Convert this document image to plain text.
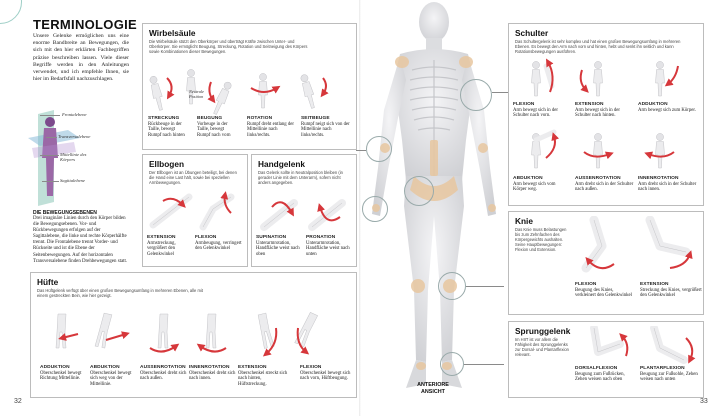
32
TERMINOLOGIE
Unsere Gelenke ermöglichen uns eine enorme Bandbreite an Bewegungen, die sich mit den hier erklärten Fachbegriffen präzise beschreiben lassen. Viele dieser Begriffe werden in den Anleitungen verwendet, und ich empfehle Ihnen, sie hier im Bedarfsfall nachzuschlagen.
Frontalebene
Transversalebene
Mittellinie des Körpers
Sagittalebene
DIE BEWEGUNGSEBENEN
Drei imaginäre Linien durch den Körper bilden die Bewegungsebenen. Vor- und Rückbewegungen erfolgen auf der Sagittalebene, die linke und rechte Körperhälfte trennt. Die Frontalebene trennt Vorder- und Rückseite und ist die Ebene der Seitenbewegungen. Auf der horizontalen Transversalebene finden Drehbewegungen statt.
Wirbelsäule
Die Wirbelsäule stützt den Oberkörper und überträgt Kräfte zwischen Unter- und Oberkörper. Sie ermöglicht Beugung, Streckung, Rotation und Seitneigung des Körpers sowie Kombinationen dieser Bewegungen.
Neutrale Position
STRECKUNG
Rückbeuge in der Taille, bewegt Rumpf nach hinten
BEUGUNG
Vorbeuge in der Taille, bewegt Rumpf nach vorn
ROTATION
Rumpf dreht entlang der Mittellinie nach links/rechts.
SEITBEUGE
Rumpf neigt sich von der Mittellinie nach links/rechts.
Ellbogen
Der Ellbogen ist an Übungen beteiligt, bei denen die Hand eine Last hält, sowie bei speziellen Armbewegungen.
EXTENSION
Armstreckung, vergrößert den Gelenkwinkel
FLEXION
Armbeugung, verringert den Gelenkwinkel
Handgelenk
Das Gelenk sollte in Neutralposition bleiben (in gerader Linie mit dem Unterarm), sofern nicht anders angegeben.
SUPINATION
Unterarmrotation, Handfläche weist nach oben
PRONATION
Unterarmrotation, Handfläche weist nach unten
Hüfte
Das Hüftgelenk verfügt über einen großen Bewegungsumfang in mehreren Ebenen, alle mit einem gestreckten Bein, wie hier gezeigt.
ADDUKTION
Oberschenkel bewegt Richtung Mittellinie.
ABDUKTION
Oberschenkel bewegt sich weg von der Mittellinie.
AUSSENROTATION
Oberschenkel dreht sich nach außen.
INNENROTATION
Oberschenkel dreht sich nach innen.
EXTENSION
Oberschenkel streckt sich nach hinten, Hüftstreckung.
FLEXION
Oberschenkel bewegt sich nach vorn, Hüftbeugung.
ANTERIORE
ANSICHT
Schulter
Das Schultergelenk ist sehr komplex und hat einen großen Bewegungsumfang in mehreren Ebenen. Es bewegt den Arm nach vorn und hinten, hebt und senkt ihn seitlich und kann Rotationsbewegungen ausführen.
FLEXION
Arm bewegt sich in der Schulter nach vorn.
EXTENSION
Arm bewegt sich in der Schulter nach hinten.
ADDUKTION
Arm bewegt sich zum Körper.
ABDUKTION
Arm bewegt sich vom Körper weg.
AUSSENROTATION
Arm dreht sich in der Schulter nach außen.
INNENROTATION
Arm dreht sich in der Schulter nach innen.
Knie
Das Knie muss Belastungen bis zum Zehnfachen des Körpergewichts aushalten. Seine Hauptbewegungen: Flexion und Extension.
FLEXION
Beugung des Knies, verkleinert den Gelenkwinkel
EXTENSION
Streckung des Knies, vergrößert den Gelenkwinkel
Sprunggelenk
Im HIIT ist vor allem die Fähigkeit des Sprunggelenks zur Dorsal- und Plantarflexion relevant.
DORSALFLEXION
Beugung zum Fußrücken, Zehen weisen nach oben
PLANTARFLEXION
Beugung zur Fußsohle, Zehen weisen nach unten
33
